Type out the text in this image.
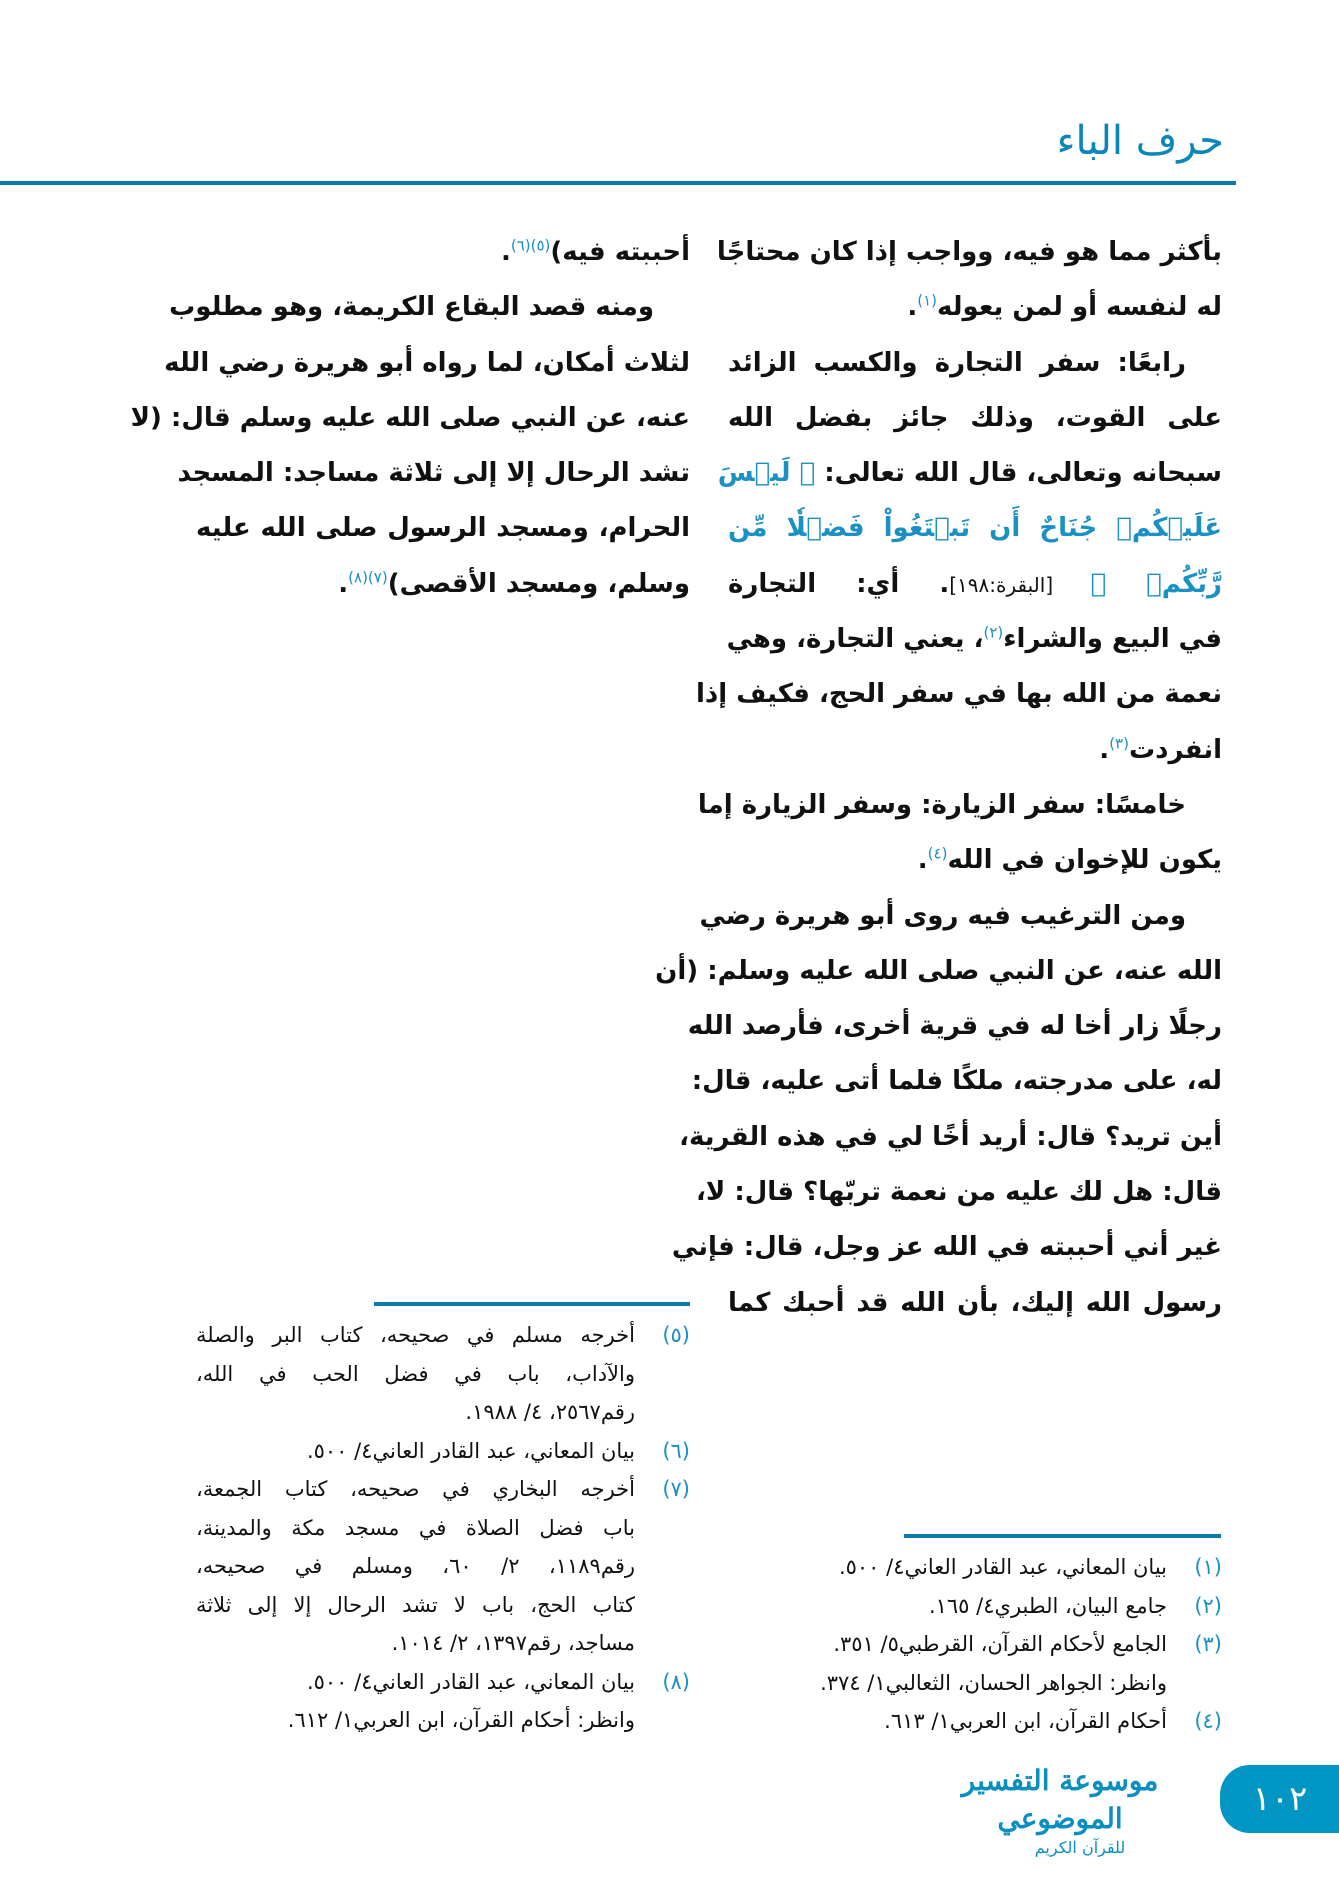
حرف الباء
بأكثر مما هو فيه، وواجب إذا كان محتاجًا
له لنفسه أو لمن يعوله$^{(١)}$.
رابعًا: سفر التجارة والكسب الزائد
على القوت، وذلك جائز بفضل الله
سبحانه وتعالى، قال الله تعالى: ﴿ لَيۡسَ
عَلَيۡكُمۡ جُنَاحٌ أَن تَبۡتَغُواْ فَضۡلٗا مِّن
رَّبِّكُمۡ ﴾ [البقرة:١٩٨]. أي: التجارة
في البيع والشراء$^{(٢)}$، يعني التجارة، وهي
نعمة من الله بها في سفر الحج، فكيف إذا
انفردت$^{(٣)}$.
خامسًا: سفر الزيارة: وسفر الزيارة إما
يكون للإخوان في الله$^{(٤)}$.
ومن الترغيب فيه روى أبو هريرة رضي
الله عنه، عن النبي صلى الله عليه وسلم: (أن
رجلًا زار أخا له في قرية أخرى، فأرصد الله
له، على مدرجته، ملكًا فلما أتى عليه، قال:
أين تريد؟ قال: أريد أخًا لي في هذه القرية،
قال: هل لك عليه من نعمة تربّها؟ قال: لا،
غير أني أحببته في الله عز وجل، قال: فإني
رسول الله إليك، بأن الله قد أحبك كما
أحببته فيه)$^{(٥)(٦)}$.
ومنه قصد البقاع الكريمة، وهو مطلوب
لثلاث أمكان، لما رواه أبو هريرة رضي الله
عنه، عن النبي صلى الله عليه وسلم قال: (لا
تشد الرحال إلا إلى ثلاثة مساجد: المسجد
الحرام، ومسجد الرسول صلى الله عليه
وسلم، ومسجد الأقصى)$^{(٧)(٨)}$.
(١)
بيان المعاني، عبد القادر العاني٤/ ٥٠٠.
(٢)
جامع البيان، الطبري٤/ ١٦٥.
(٣)
الجامع لأحكام القرآن، القرطبي٥/ ٣٥١.
وانظر: الجواهر الحسان، الثعالبي١/ ٣٧٤.
(٤)
أحكام القرآن، ابن العربي١/ ٦١٣.
(٥)
أخرجه مسلم في صحيحه، كتاب البر والصلة
والآداب، باب في فضل الحب في الله،
رقم٢٥٦٧، ٤/ ١٩٨٨.
(٦)
بيان المعاني، عبد القادر العاني٤/ ٥٠٠.
(٧)
أخرجه البخاري في صحيحه، كتاب الجمعة،
باب فضل الصلاة في مسجد مكة والمدينة،
رقم١١٨٩، ٢/ ٦٠، ومسلم في صحيحه،
كتاب الحج، باب لا تشد الرحال إلا إلى ثلاثة
مساجد، رقم١٣٩٧، ٢/ ١٠١٤.
(٨)
بيان المعاني، عبد القادر العاني٤/ ٥٠٠.
وانظر: أحكام القرآن، ابن العربي١/ ٦١٢.
موسوعة التفسير الموضوعي
للقرآن الكريم
١٠٢
